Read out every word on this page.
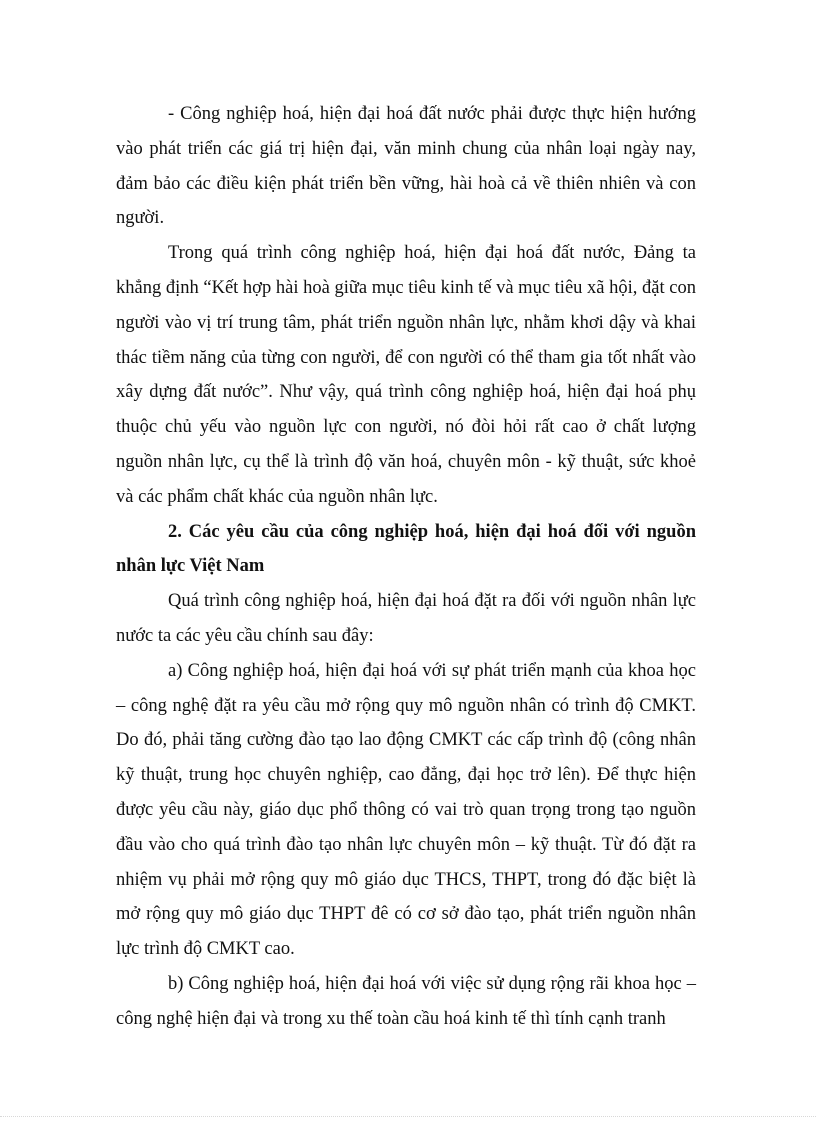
- Công nghiệp hoá, hiện đại hoá đất nước phải được thực hiện hướng vào phát triển các giá trị hiện đại, văn minh chung của nhân loại ngày nay, đảm bảo các điều kiện phát triển bền vững, hài hoà cả về thiên nhiên và con người.

Trong quá trình công nghiệp hoá, hiện đại hoá đất nước, Đảng ta khẳng định “Kết hợp hài hoà giữa mục tiêu kinh tế và mục tiêu xã hội, đặt con người vào vị trí trung tâm, phát triển nguồn nhân lực, nhằm khơi dậy và khai thác tiềm năng của từng con người, để con người có thể tham gia tốt nhất vào xây dựng đất nước”. Như vậy, quá trình công nghiệp hoá, hiện đại hoá phụ thuộc chủ yếu vào nguồn lực con người, nó đòi hỏi rất cao ở chất lượng nguồn nhân lực, cụ thể là trình độ văn hoá, chuyên môn - kỹ thuật, sức khoẻ và các phẩm chất khác của nguồn nhân lực.

2. Các yêu cầu của công nghiệp hoá, hiện đại hoá đối với nguồn nhân lực Việt Nam

Quá trình công nghiệp hoá, hiện đại hoá đặt ra đối với nguồn nhân lực nước ta các yêu cầu chính sau đây:

a) Công nghiệp hoá, hiện đại hoá với sự phát triển mạnh của khoa học – công nghệ đặt ra yêu cầu mở rộng quy mô nguồn nhân có trình độ CMKT. Do đó, phải tăng cường đào tạo lao động CMKT các cấp trình độ (công nhân kỹ thuật, trung học chuyên nghiệp, cao đẳng, đại học trở lên). Để thực hiện được yêu cầu này, giáo dục phổ thông có vai trò quan trọng trong tạo nguồn đầu vào cho quá trình đào tạo nhân lực chuyên môn – kỹ thuật. Từ đó đặt ra nhiệm vụ phải mở rộng quy mô giáo dục THCS, THPT, trong đó đặc biệt là mở rộng quy mô giáo dục THPT đê có cơ sở đào tạo, phát triển nguồn nhân lực trình độ CMKT cao.

b) Công nghiệp hoá, hiện đại hoá với việc sử dụng rộng rãi khoa học – công nghệ hiện đại và trong xu thế toàn cầu hoá kinh tế thì tính cạnh tranh
